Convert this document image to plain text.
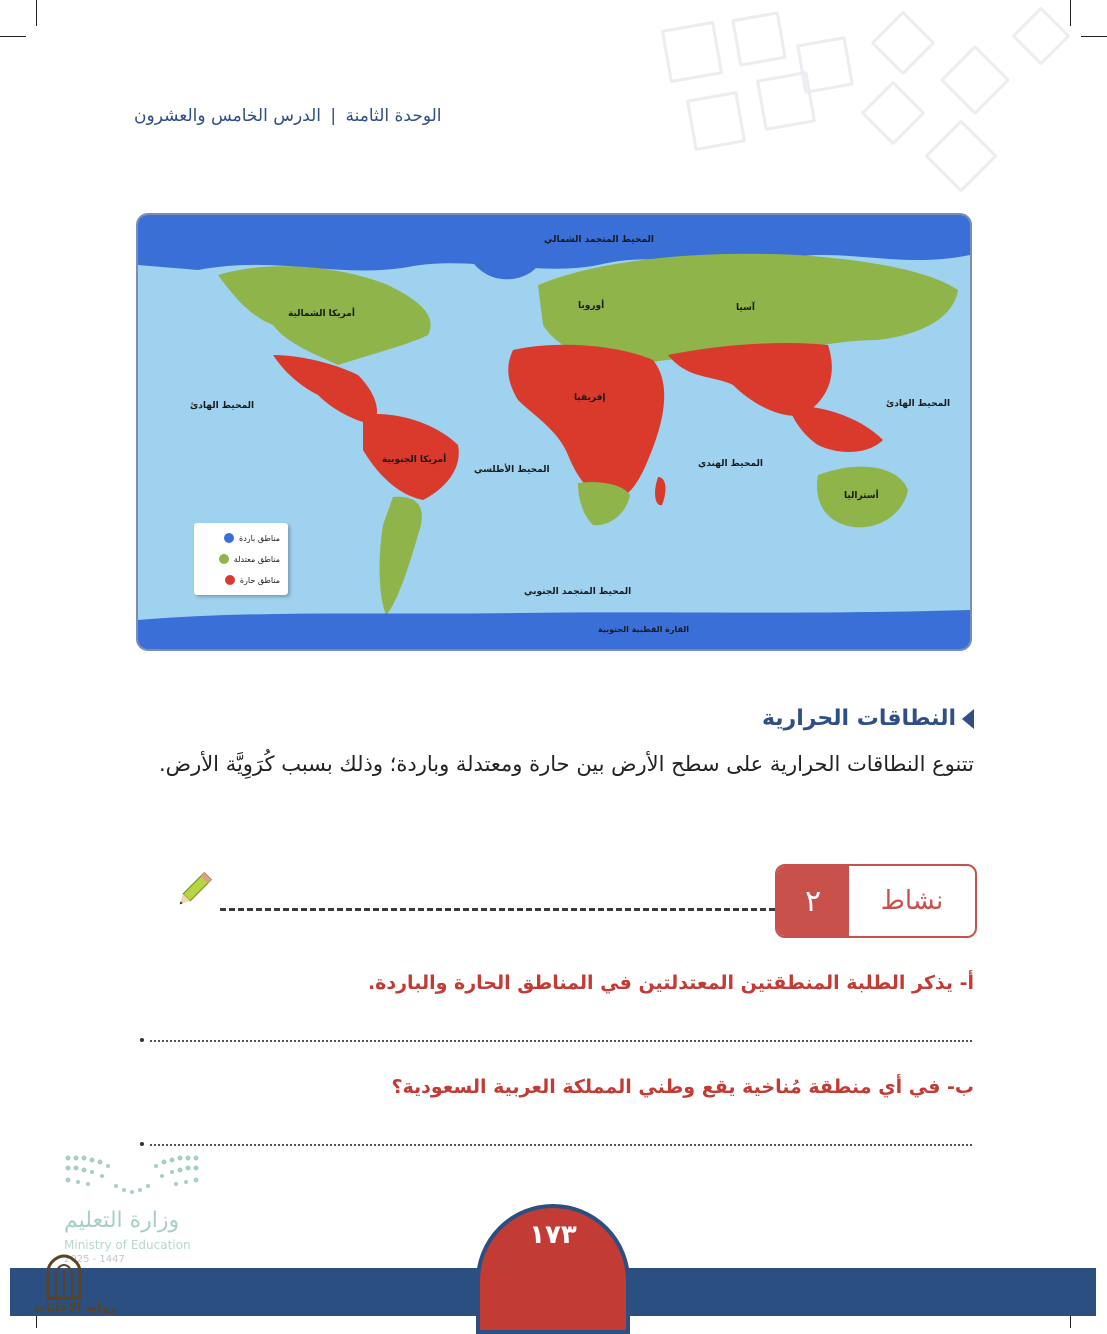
الوحدة الثامنة | الدرس الخامس والعشرون
المحيط المتجمد الشمالي
أمريكا الشمالية
أوروبا	آسيا
إفريقيا
المحيط الهادئ	المحيط الهادئ
أمريكا الجنوبية
المحيط الأطلسي
المحيط الهندي
أستراليا
المحيط المتجمد الجنوبي
القارة القطبية الجنوبية
مناطق باردة
مناطق معتدلة
مناطق حارة
النطاقات الحرارية
تتنوع النطاقات الحرارية على سطح الأرض بين حارة ومعتدلة وباردة؛ وذلك بسبب كُرَوِيَّة الأرض.
٢	نشاط
أ- يذكر الطلبة المنطقتين المعتدلتين في المناطق الحارة والباردة.
ب- في أي منطقة مُناخية يقع وطني المملكة العربية السعودية؟
وزارة التعليم
Ministry of Education
2025 - 1447
١٧٣
رواية الإجابات
